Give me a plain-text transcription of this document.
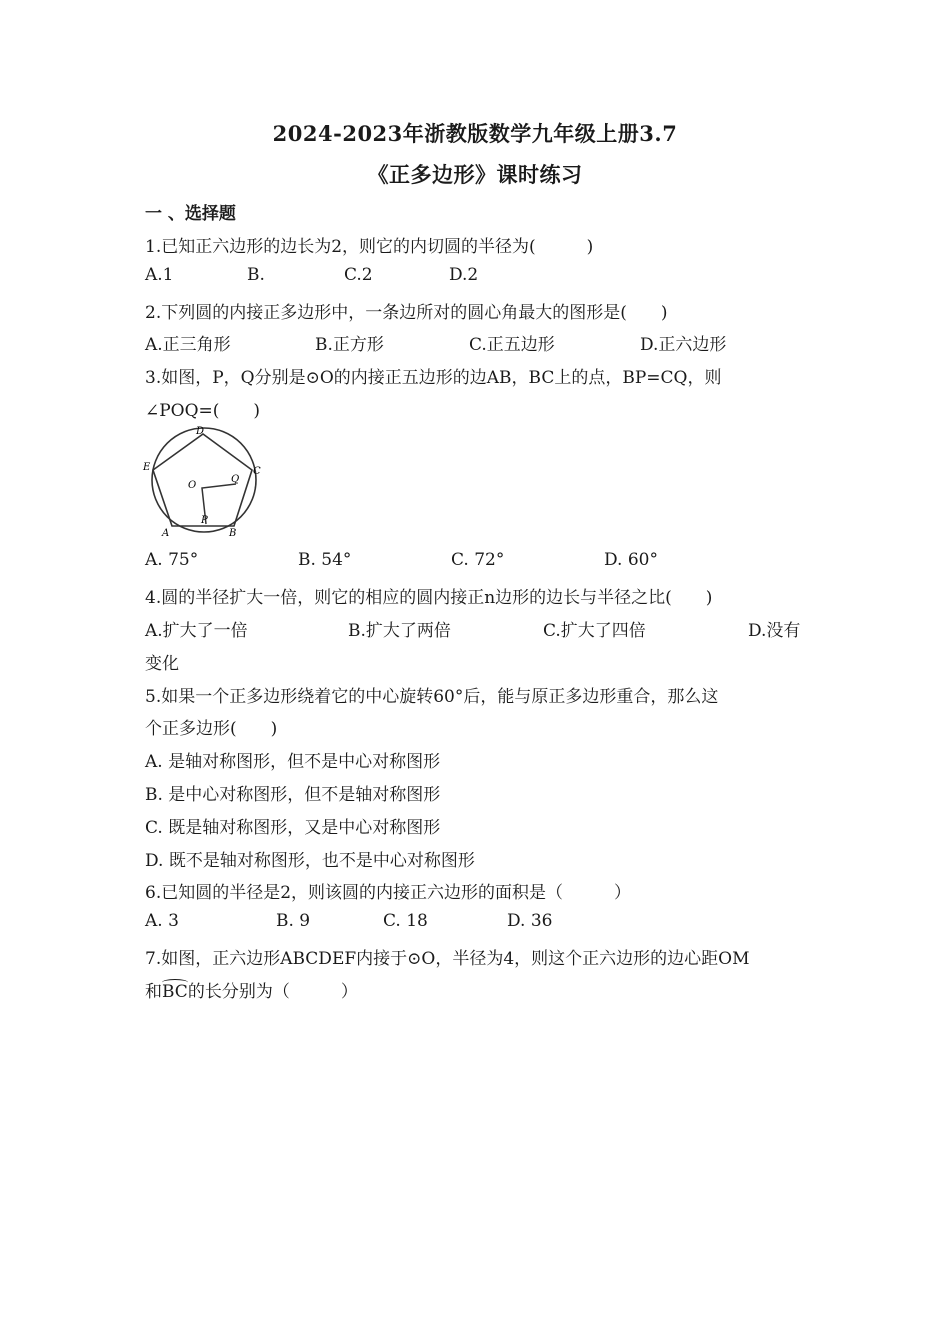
2024-2023年浙教版数学九年级上册3.7
《正多边形》课时练习
一 、选择题
1.已知正六边形的边长为2，则它的内切圆的半径为(　　　)
A.1	B.	C.2	D.2
2.下列圆的内接正多边形中，一条边所对的圆心角最大的图形是(　　)
A.正三角形	B.正方形	C.正五边形	D.正六边形
3.如图，P，Q分别是⊙O的内接正五边形的边AB，BC上的点，BP=CQ，则
∠POQ=(　　)
D
E	C
O
Q
P
A	B
A. 75°	B. 54°	C. 72°	D. 60°
4.圆的半径扩大一倍，则它的相应的圆内接正n边形的边长与半径之比(　　)
A.扩大了一倍	B.扩大了两倍	C.扩大了四倍	D.没有
变化
5.如果一个正多边形绕着它的中心旋转60°后，能与原正多边形重合，那么这
个正多边形(　　)
A. 是轴对称图形，但不是中心对称图形
B. 是中心对称图形，但不是轴对称图形
C. 既是轴对称图形，又是中心对称图形
D. 既不是轴对称图形，也不是中心对称图形
6.已知圆的半径是2，则该圆的内接正六边形的面积是（　　　）
A. 3	B. 9	C. 18	D. 36
7.如图，正六边形ABCDEF内接于⊙O，半径为4，则这个正六边形的边心距OM
和BC的长分别为（　　　）
